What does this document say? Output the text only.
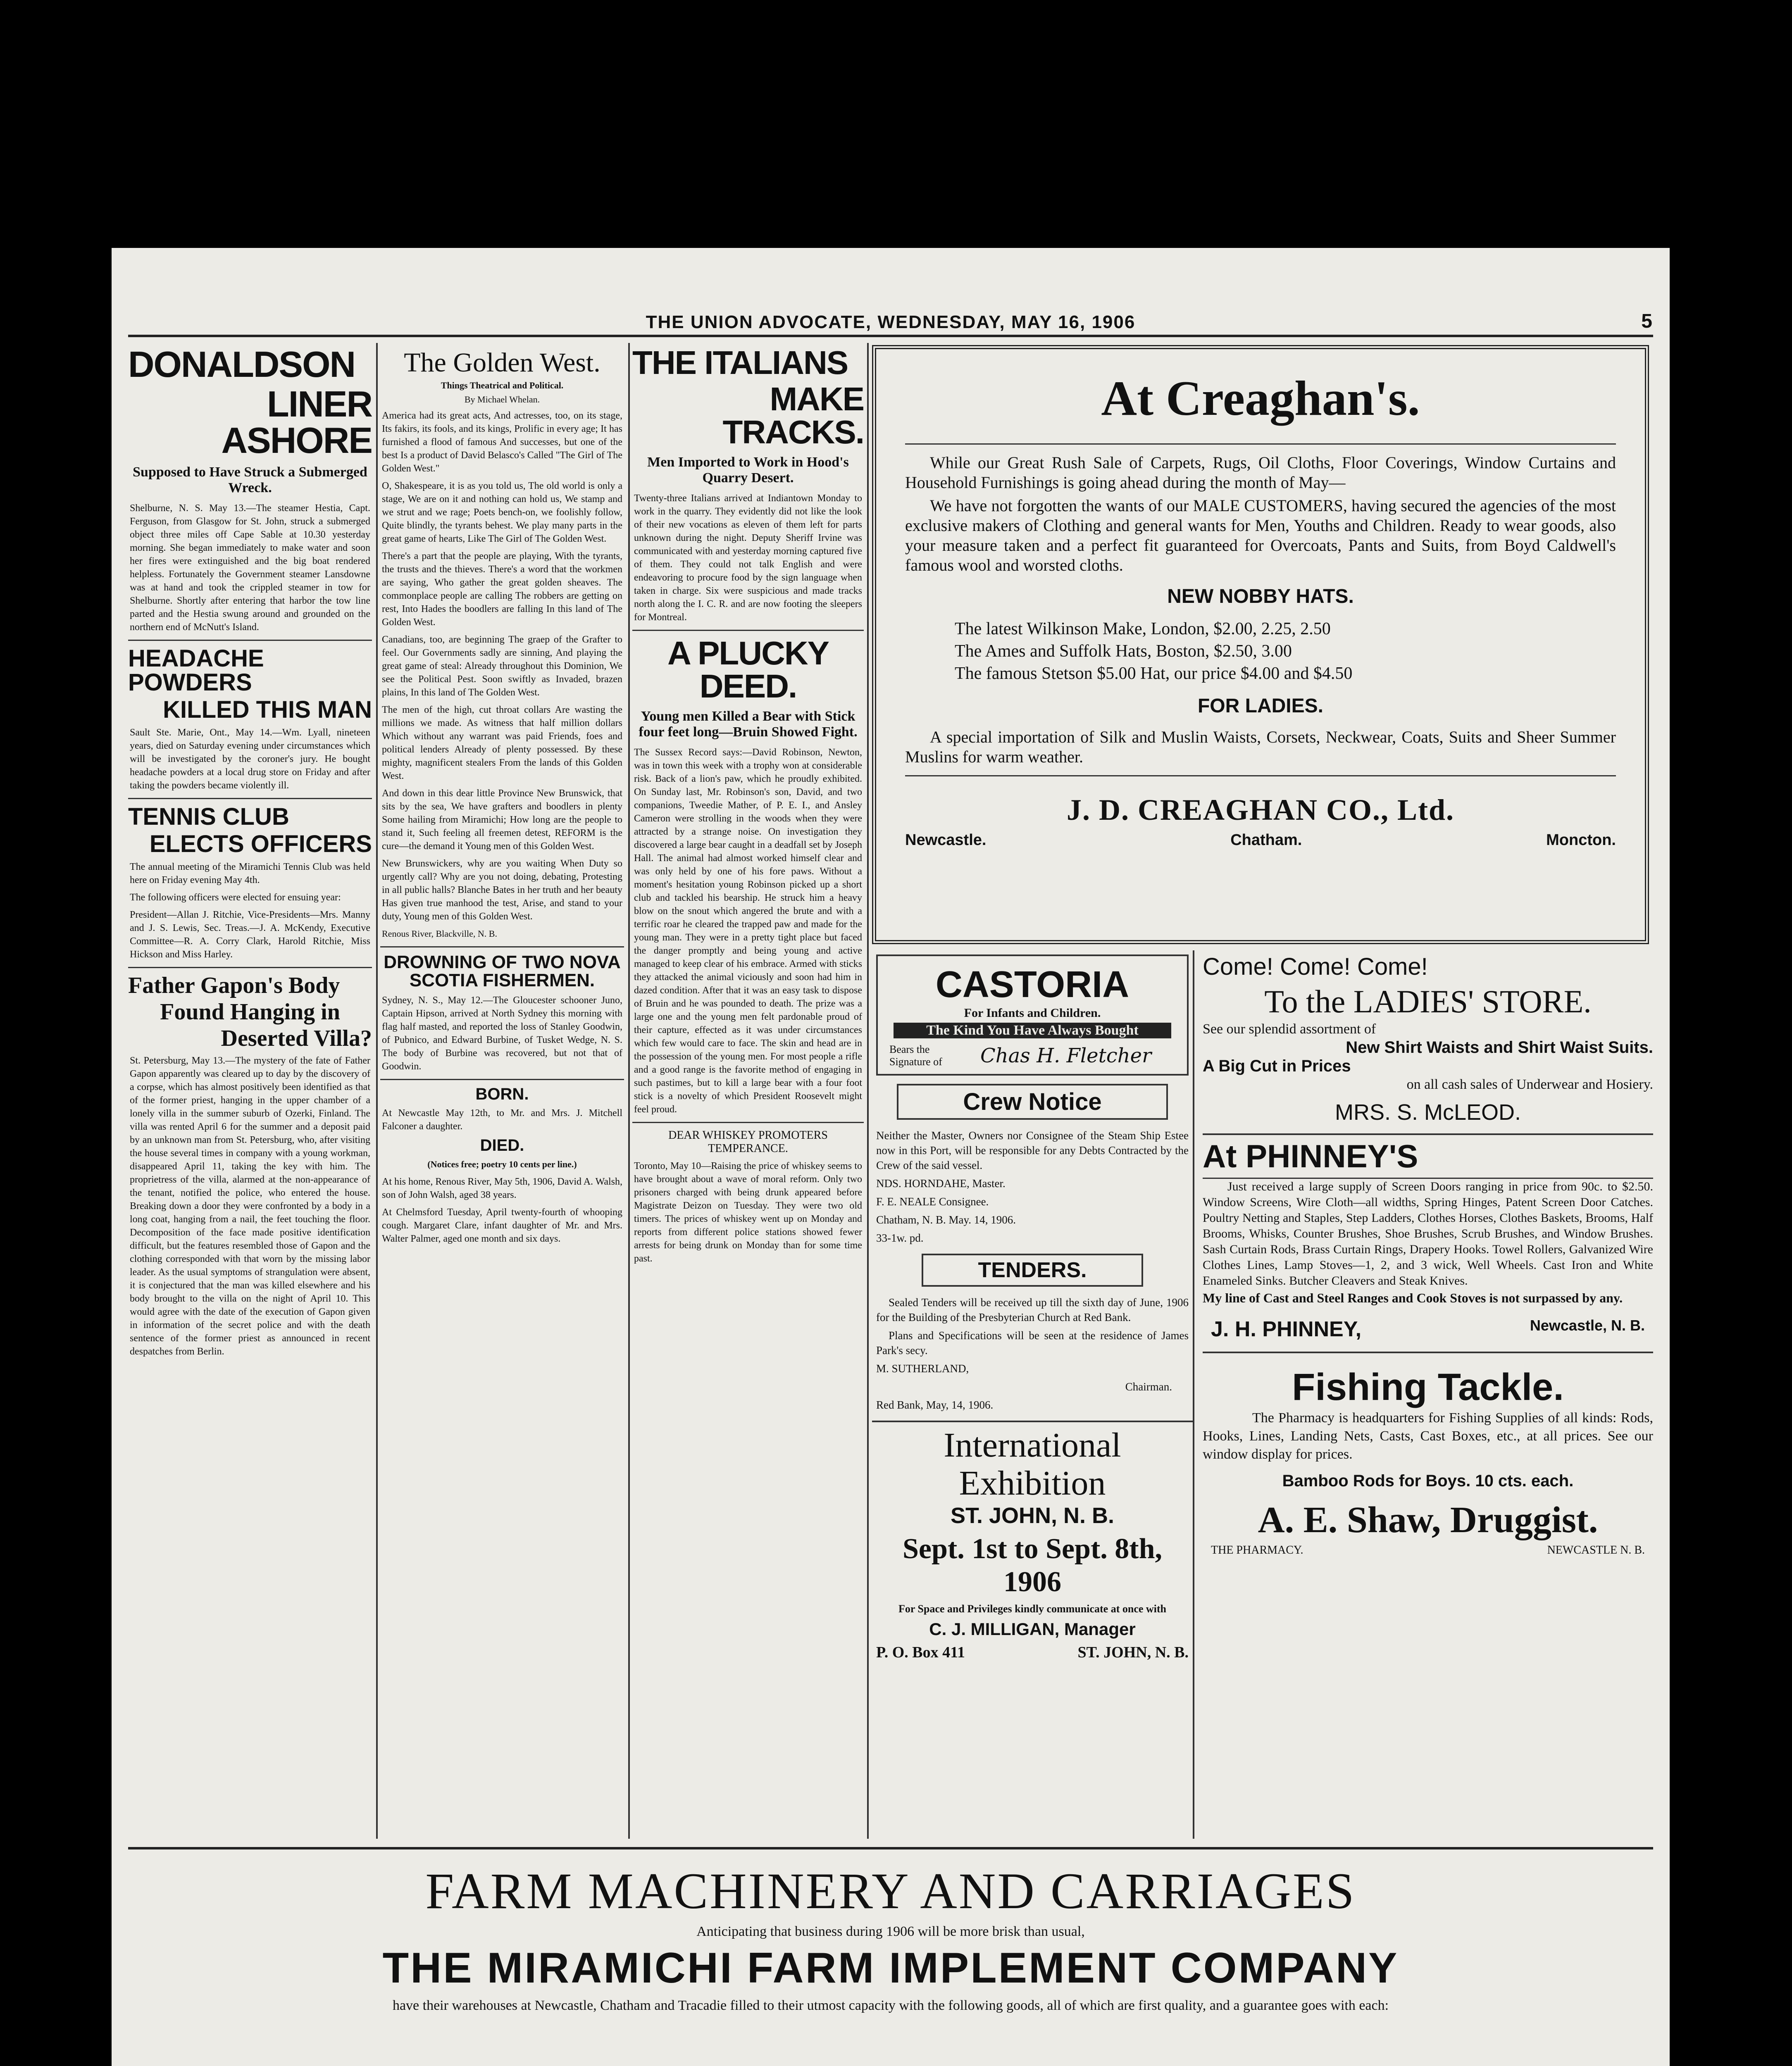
THE UNION ADVOCATE, WEDNESDAY, MAY 16, 1906	5
DONALDSON
LINER ASHORE
Supposed to Have Struck a Submerged Wreck.
Shelburne, N. S. May 13.—The steamer Hestia, Capt. Ferguson, from Glasgow for St. John, struck a submerged object three miles off Cape Sable at 10.30 yesterday morning. She began immediately to make water and soon her fires were extinguished and the big boat rendered helpless. Fortunately the Government steamer Lansdowne was at hand and took the crippled steamer in tow for Shelburne. Shortly after entering that harbor the tow line parted and the Hestia swung around and grounded on the northern end of McNutt's Island.
HEADACHE POWDERS
KILLED THIS MAN
Sault Ste. Marie, Ont., May 14.—Wm. Lyall, nineteen years, died on Saturday evening under circumstances which will be investigated by the coroner's jury. He bought headache powders at a local drug store on Friday and after taking the powders became violently ill.
TENNIS CLUB
ELECTS OFFICERS
The annual meeting of the Miramichi Tennis Club was held here on Friday evening May 4th.
The following officers were elected for ensuing year:
President—Allan J. Ritchie, Vice-Presidents—Mrs. Manny and J. S. Lewis, Sec. Treas.—J. A. McKendy, Executive Committee—R. A. Corry Clark, Harold Ritchie, Miss Hickson and Miss Harley.
Father Gapon's Body
Found Hanging in
Deserted Villa?
St. Petersburg, May 13.—The mystery of the fate of Father Gapon apparently was cleared up to day by the discovery of a corpse, which has almost positively been identified as that of the former priest, hanging in the upper chamber of a lonely villa in the summer suburb of Ozerki, Finland. The villa was rented April 6 for the summer and a deposit paid by an unknown man from St. Petersburg, who, after visiting the house several times in company with a young workman, disappeared April 11, taking the key with him. The proprietress of the villa, alarmed at the non-appearance of the tenant, notified the police, who entered the house. Breaking down a door they were confronted by a body in a long coat, hanging from a nail, the feet touching the floor. Decomposition of the face made positive identification difficult, but the features resembled those of Gapon and the clothing corresponded with that worn by the missing labor leader. As the usual symptoms of strangulation were absent, it is conjectured that the man was killed elsewhere and his body brought to the villa on the night of April 10. This would agree with the date of the execution of Gapon given in information of the secret police and with the death sentence of the former priest as announced in recent despatches from Berlin.
The Golden West.
Things Theatrical and Political.
By Michael Whelan.
America had its great acts, And actresses, too, on its stage, Its fakirs, its fools, and its kings, Prolific in every age; It has furnished a flood of famous And successes, but one of the best Is a product of David Belasco's Called "The Girl of The Golden West."
O, Shakespeare, it is as you told us, The old world is only a stage, We are on it and nothing can hold us, We stamp and we strut and we rage; Poets bench-on, we foolishly follow, Quite blindly, the tyrants behest. We play many parts in the great game of hearts, Like The Girl of The Golden West.
There's a part that the people are playing, With the tyrants, the trusts and the thieves. There's a word that the workmen are saying, Who gather the great golden sheaves. The commonplace people are calling The robbers are getting on rest, Into Hades the boodlers are falling In this land of The Golden West.
Canadians, too, are beginning The graep of the Grafter to feel. Our Governments sadly are sinning, And playing the great game of steal: Already throughout this Dominion, We see the Political Pest. Soon swiftly as Invaded, brazen plains, In this land of The Golden West.
The men of the high, cut throat collars Are wasting the millions we made. As witness that half million dollars Which without any warrant was paid Friends, foes and political lenders Already of plenty possessed. By these mighty, magnificent stealers From the lands of this Golden West.
And down in this dear little Province New Brunswick, that sits by the sea, We have grafters and boodlers in plenty Some hailing from Miramichi; How long are the people to stand it, Such feeling all freemen detest, REFORM is the cure—the demand it Young men of this Golden West.
New Brunswickers, why are you waiting When Duty so urgently call? Why are you not doing, debating, Protesting in all public halls? Blanche Bates in her truth and her beauty Has given true manhood the test, Arise, and stand to your duty, Young men of this Golden West.
Renous River, Blackville, N. B.
DROWNING OF TWO NOVA SCOTIA FISHERMEN.
Sydney, N. S., May 12.—The Gloucester schooner Juno, Captain Hipson, arrived at North Sydney this morning with flag half masted, and reported the loss of Stanley Goodwin, of Pubnico, and Edward Burbine, of Tusket Wedge, N. S. The body of Burbine was recovered, but not that of Goodwin.
BORN.
At Newcastle May 12th, to Mr. and Mrs. J. Mitchell Falconer a daughter.
DIED.
(Notices free; poetry 10 cents per line.)
At his home, Renous River, May 5th, 1906, David A. Walsh, son of John Walsh, aged 38 years.
At Chelmsford Tuesday, April twenty-fourth of whooping cough. Margaret Clare, infant daughter of Mr. and Mrs. Walter Palmer, aged one month and six days.
THE ITALIANS
MAKE TRACKS.
Men Imported to Work in Hood's Quarry Desert.
Twenty-three Italians arrived at Indiantown Monday to work in the quarry. They evidently did not like the look of their new vocations as eleven of them left for parts unknown during the night. Deputy Sheriff Irvine was communicated with and yesterday morning captured five of them. They could not talk English and were endeavoring to procure food by the sign language when taken in charge. Six were suspicious and made tracks north along the I. C. R. and are now footing the sleepers for Montreal.
A PLUCKY DEED.
Young men Killed a Bear with Stick four feet long—Bruin Showed Fight.
The Sussex Record says:—David Robinson, Newton, was in town this week with a trophy won at considerable risk. Back of a lion's paw, which he proudly exhibited. On Sunday last, Mr. Robinson's son, David, and two companions, Tweedie Mather, of P. E. I., and Ansley Cameron were strolling in the woods when they were attracted by a strange noise. On investigation they discovered a large bear caught in a deadfall set by Joseph Hall. The animal had almost worked himself clear and was only held by one of his fore paws. Without a moment's hesitation young Robinson picked up a short club and tackled his bearship. He struck him a heavy blow on the snout which angered the brute and with a terrific roar he cleared the trapped paw and made for the young man. They were in a pretty tight place but faced the danger promptly and being young and active managed to keep clear of his embrace. Armed with sticks they attacked the animal viciously and soon had him in dazed condition. After that it was an easy task to dispose of Bruin and he was pounded to death. The prize was a large one and the young men felt pardonable proud of their capture, effected as it was under circumstances which few would care to face. The skin and head are in the possession of the young men. For most people a rifle and a good range is the favorite method of engaging in such pastimes, but to kill a large bear with a four foot stick is a novelty of which President Roosevelt might feel proud.
DEAR WHISKEY PROMOTERS TEMPERANCE.
Toronto, May 10—Raising the price of whiskey seems to have brought about a wave of moral reform. Only two prisoners charged with being drunk appeared before Magistrate Deizon on Tuesday. They were two old timers. The prices of whiskey went up on Monday and reports from different police stations showed fewer arrests for being drunk on Monday than for some time past.
At Creaghan's.

While our Great Rush Sale of Carpets, Rugs, Oil Cloths, Floor Coverings, Window Curtains and Household Furnishings is going ahead during the month of May—

We have not forgotten the wants of our MALE CUSTOMERS, having secured the agencies of the most exclusive makers of Clothing and general wants for Men, Youths and Children. Ready to wear goods, also your measure taken and a perfect fit guaranteed for Overcoats, Pants and Suits, from Boyd Caldwell's famous wool and worsted cloths.

NEW NOBBY HATS.
The latest Wilkinson Make, London, $2.00, 2.25, 2.50
The Ames and Suffolk Hats, Boston, $2.50, 3.00
The famous Stetson $5.00 Hat, our price $4.00 and $4.50
FOR LADIES.

A special importation of Silk and Muslin Waists, Corsets, Neckwear, Coats, Suits and Sheer Summer Muslins for warm weather.

J. D. CREAGHAN CO., Ltd.
Newcastle.	Chatham.	Moncton.
CASTORIA
For Infants and Children.
The Kind You Have Always Bought
Bears the Signature of	Chas H. Fletcher
Crew Notice
Neither the Master, Owners nor Consignee of the Steam Ship Estee now in this Port, will be responsible for any Debts Contracted by the Crew of the said vessel.
NDS. HORNDAHE, Master.
F. E. NEALE Consignee.
Chatham, N. B. May. 14, 1906.
33-1w. pd.
TENDERS.
Sealed Tenders will be received up till the sixth day of June, 1906 for the Building of the Presbyterian Church at Red Bank.
Plans and Specifications will be seen at the residence of James Park's secy.
M. SUTHERLAND,
Chairman.
Red Bank, May, 14, 1906.
International Exhibition
ST. JOHN, N. B.
Sept. 1st to Sept. 8th, 1906
For Space and Privileges kindly communicate at once with
C. J. MILLIGAN, Manager
P. O. Box 411	ST. JOHN, N. B.
Come! Come! Come!
To the LADIES' STORE.
See our splendid assortment of
New Shirt Waists and Shirt Waist Suits.
A Big Cut in Prices
on all cash sales of Underwear and Hosiery.
MRS. S. McLEOD.
At PHINNEY'S
Just received a large supply of Screen Doors ranging in price from 90c. to $2.50. Window Screens, Wire Cloth—all widths, Spring Hinges, Patent Screen Door Catches. Poultry Netting and Staples, Step Ladders, Clothes Horses, Clothes Baskets, Brooms, Half Brooms, Whisks, Counter Brushes, Shoe Brushes, Scrub Brushes, and Window Brushes. Sash Curtain Rods, Brass Curtain Rings, Drapery Hooks. Towel Rollers, Galvanized Wire Clothes Lines, Lamp Stoves—1, 2, and 3 wick, Well Wheels. Cast Iron and White Enameled Sinks. Butcher Cleavers and Steak Knives.
My line of Cast and Steel Ranges and Cook Stoves is not surpassed by any.
J. H. PHINNEY,	Newcastle, N. B.
Fishing Tackle.
The Pharmacy is headquarters for Fishing Supplies of all kinds: Rods, Hooks, Lines, Landing Nets, Casts, Cast Boxes, etc., at all prices. See our window display for prices.
Bamboo Rods for Boys. 10 cts. each.
A. E. Shaw, Druggist.
THE PHARMACY.	NEWCASTLE N. B.
FARM MACHINERY AND CARRIAGES
Anticipating that business during 1906 will be more brisk than usual,
THE MIRAMICHI FARM IMPLEMENT COMPANY
have their warehouses at Newcastle, Chatham and Tracadie filled to their utmost capacity with the following goods, all of which are first quality, and a guarantee goes with each:
